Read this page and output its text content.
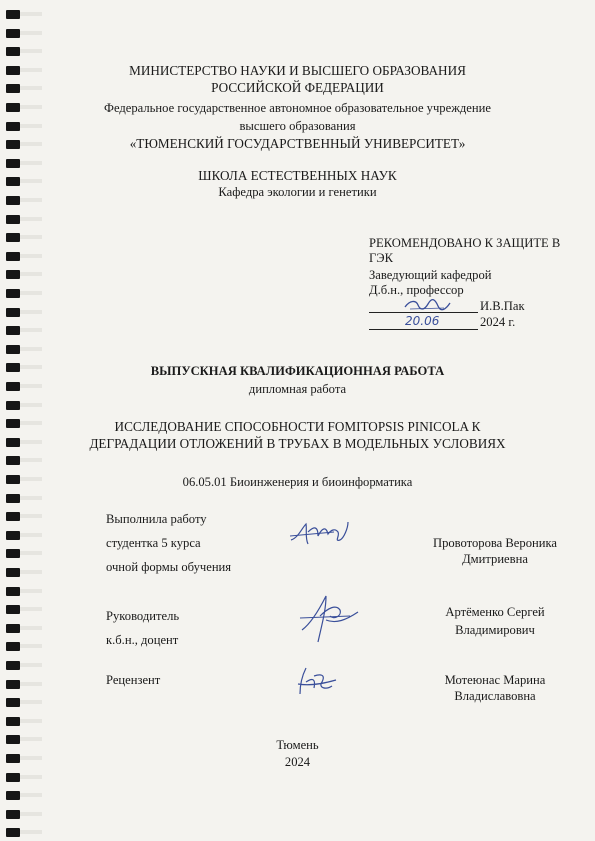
МИНИСТЕРСТВО НАУКИ И ВЫСШЕГО ОБРАЗОВАНИЯ
РОССИЙСКОЙ ФЕДЕРАЦИИ
Федеральное государственное автономное образовательное учреждение
высшего образования
«ТЮМЕНСКИЙ ГОСУДАРСТВЕННЫЙ УНИВЕРСИТЕТ»
ШКОЛА ЕСТЕСТВЕННЫХ НАУК
Кафедра экологии и генетики
РЕКОМЕНДОВАНО К ЗАЩИТЕ В
ГЭК
Заведующий кафедрой
Д.б.н., профессор
И.В.Пак
20.06	2024 г.
ВЫПУСКНАЯ КВАЛИФИКАЦИОННАЯ РАБОТА
дипломная работа
ИССЛЕДОВАНИЕ СПОСОБНОСТИ FOMITOPSIS PINICOLA К
ДЕГРАДАЦИИ ОТЛОЖЕНИЙ В ТРУБАХ В МОДЕЛЬНЫХ УСЛОВИЯХ
06.05.01 Биоинженерия и биоинформатика
Выполнила работу
студентка 5 курса
очной формы обучения
Провоторова Вероника
Дмитриевна
Руководитель
к.б.н., доцент
Артёменко Сергей
Владимирович
Рецензент	Мотеюнас Марина
Владиславовна
Тюмень
2024
